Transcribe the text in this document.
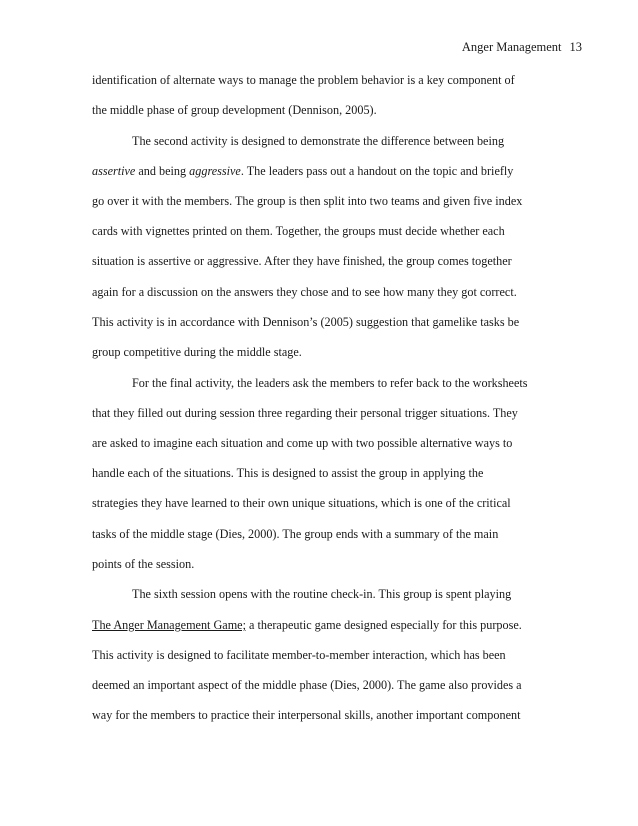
Anger Management 13
identification of alternate ways to manage the problem behavior is a key component of
the middle phase of group development (Dennison, 2005).
The second activity is designed to demonstrate the difference between being
assertive and being aggressive. The leaders pass out a handout on the topic and briefly
go over it with the members. The group is then split into two teams and given five index
cards with vignettes printed on them. Together, the groups must decide whether each
situation is assertive or aggressive. After they have finished, the group comes together
again for a discussion on the answers they chose and to see how many they got correct.
This activity is in accordance with Dennison’s (2005) suggestion that gamelike tasks be
group competitive during the middle stage.
For the final activity, the leaders ask the members to refer back to the worksheets
that they filled out during session three regarding their personal trigger situations. They
are asked to imagine each situation and come up with two possible alternative ways to
handle each of the situations. This is designed to assist the group in applying the
strategies they have learned to their own unique situations, which is one of the critical
tasks of the middle stage (Dies, 2000). The group ends with a summary of the main
points of the session.
The sixth session opens with the routine check-in. This group is spent playing
The Anger Management Game; a therapeutic game designed especially for this purpose.
This activity is designed to facilitate member-to-member interaction, which has been
deemed an important aspect of the middle phase (Dies, 2000). The game also provides a
way for the members to practice their interpersonal skills, another important component
